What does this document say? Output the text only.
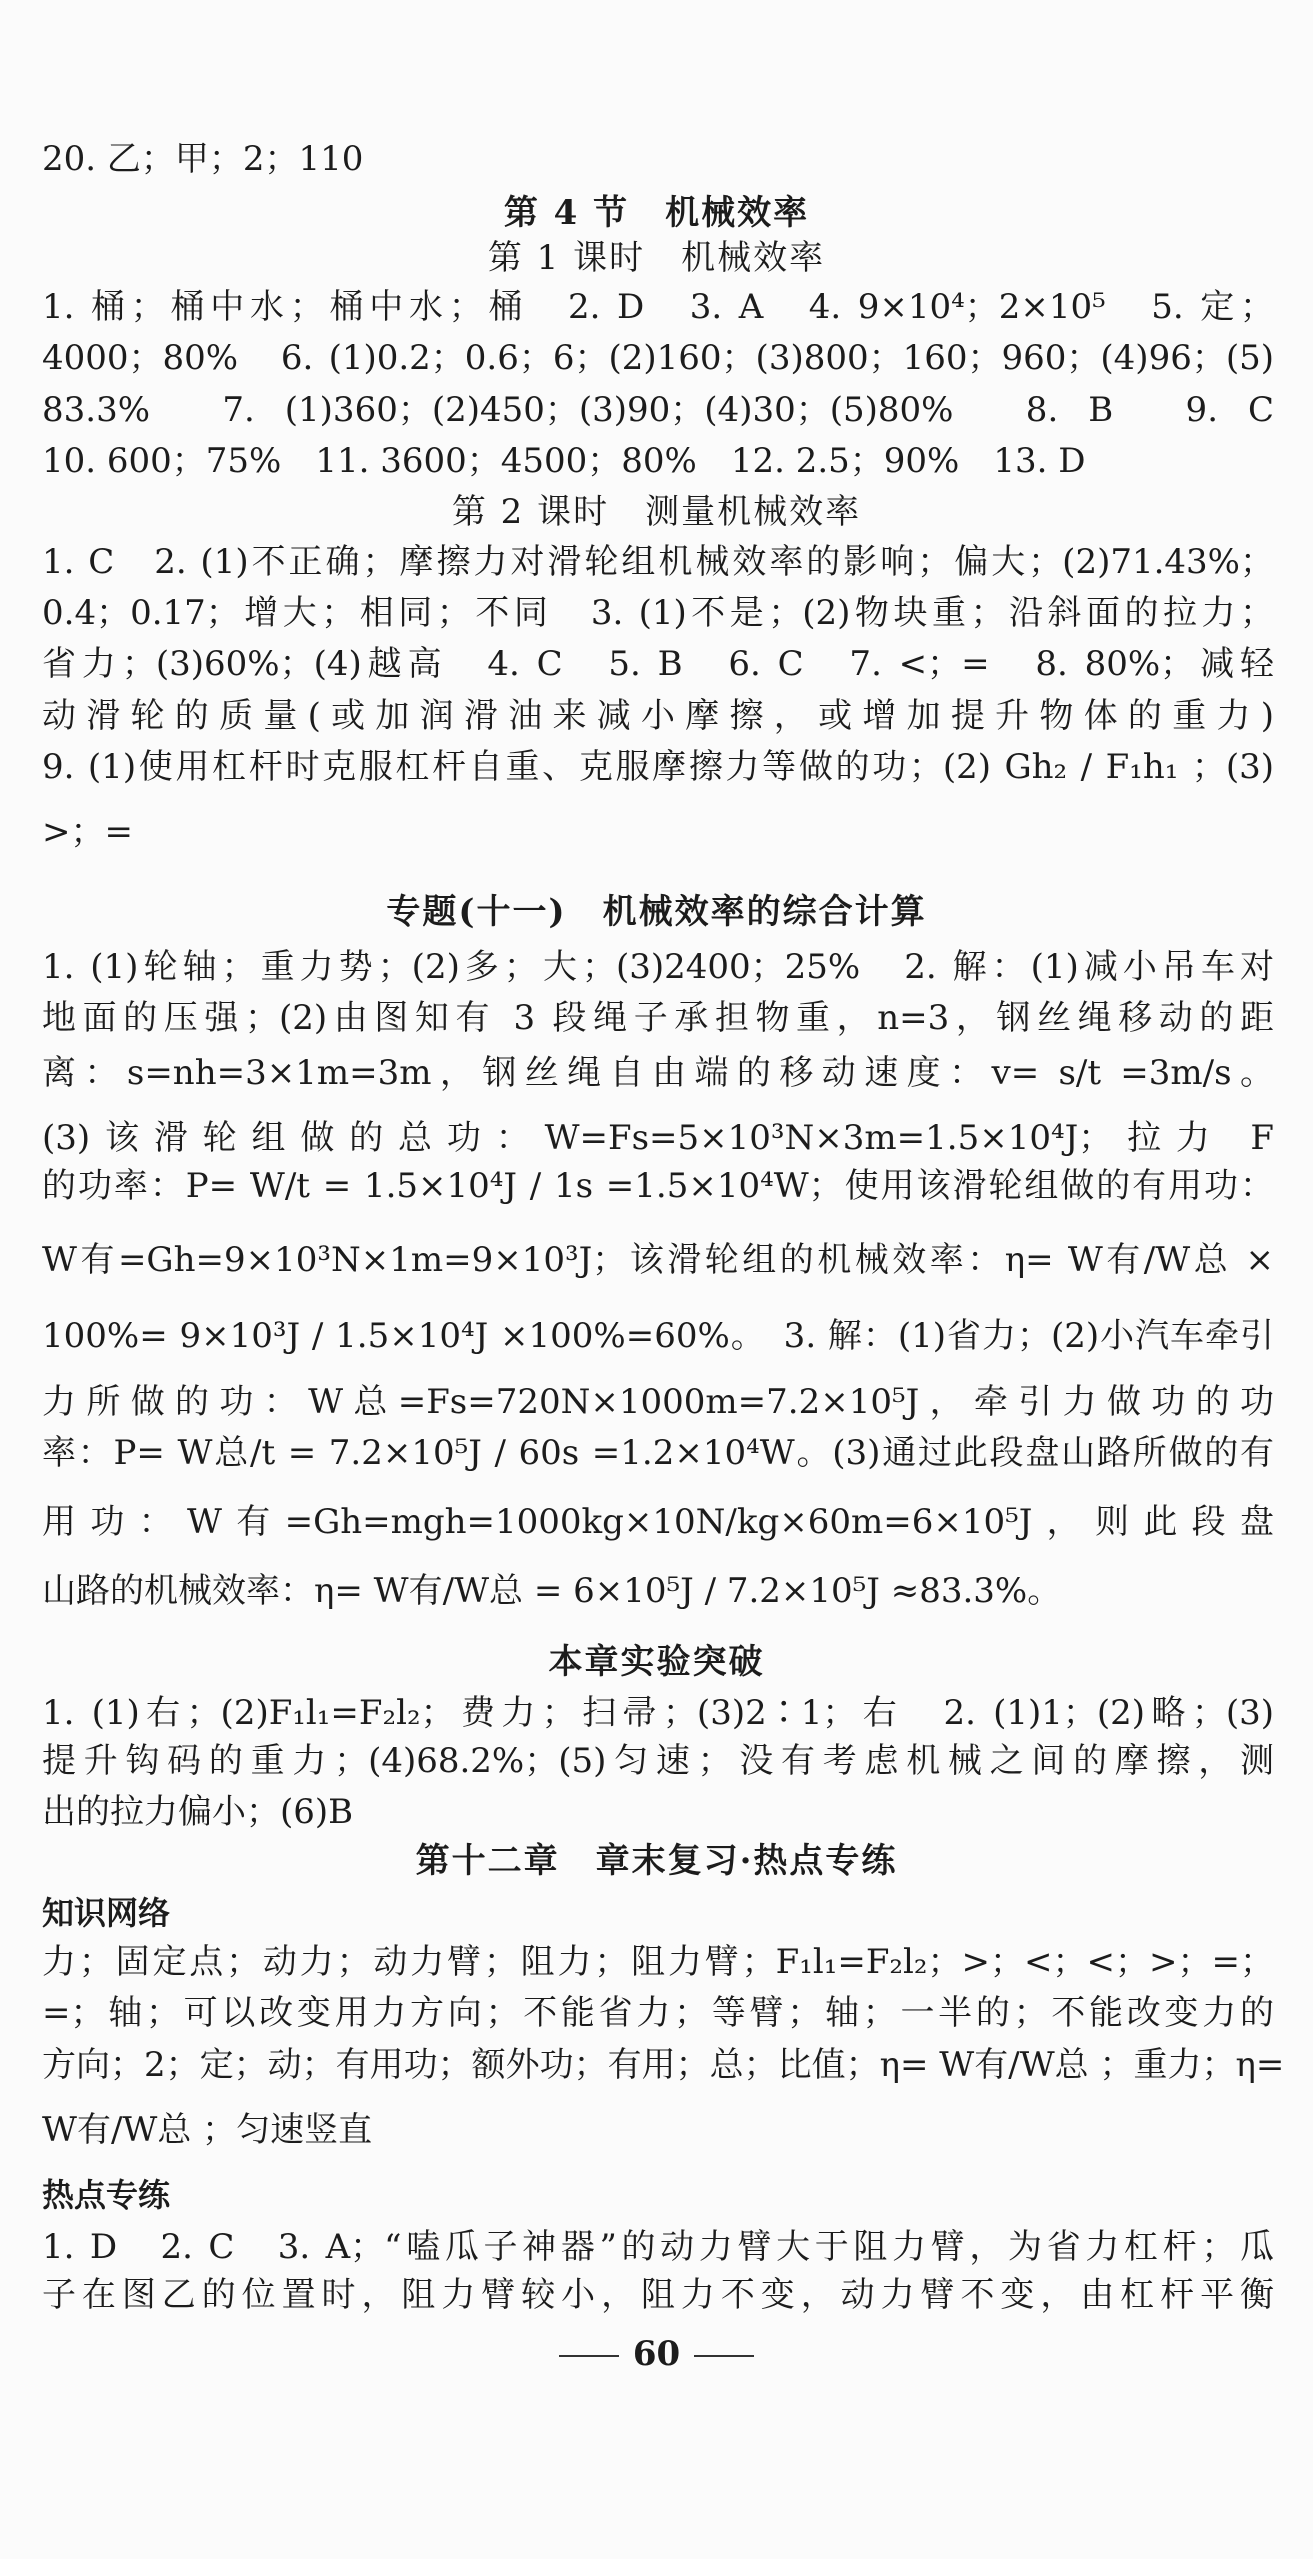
20. 乙；甲；2；110
第 4 节　机械效率
第 1 课时　机械效率
1. 桶；桶中水；桶中水；桶　2. D　3. A　4. 9×10⁴；2×10⁵　5. 定；
4000；80%　6. (1)0.2；0.6；6；(2)160；(3)800；160；960；(4)96；(5)
83.3%　7. (1)360；(2)450；(3)90；(4)30；(5)80%　8. B　9. C
10. 600；75%　11. 3600；4500；80%　12. 2.5；90%　13. D
第 2 课时　测量机械效率
1. C　2. (1)不正确；摩擦力对滑轮组机械效率的影响；偏大；(2)71.43%；
0.4；0.17；增大；相同；不同　3. (1)不是；(2)物块重；沿斜面的拉力；
省力；(3)60%；(4)越高　4. C　5. B　6. C　7. <；=　8. 80%；减轻
动滑轮的质量(或加润滑油来减小摩擦，或增加提升物体的重力)
9. (1)使用杠杆时克服杠杆自重、克服摩擦力等做的功；(2) Gh₂ / F₁h₁ ；(3)
>；=
专题(十一)　机械效率的综合计算
1. (1)轮轴；重力势；(2)多；大；(3)2400；25%　2. 解：(1)减小吊车对
地面的压强；(2)由图知有 3 段绳子承担物重，n=3，钢丝绳移动的距
离：s=nh=3×1m=3m，钢丝绳自由端的移动速度：v= s/t =3m/s。
(3)该滑轮组做的总功：W=Fs=5×10³N×3m=1.5×10⁴J；拉力 F
的功率：P= W/t = 1.5×10⁴J / 1s =1.5×10⁴W；使用该滑轮组做的有用功：
W有=Gh=9×10³N×1m=9×10³J；该滑轮组的机械效率：η= W有/W总 ×
100%= 9×10³J / 1.5×10⁴J ×100%=60%。　3. 解：(1)省力；(2)小汽车牵引
力所做的功：W总=Fs=720N×1000m=7.2×10⁵J，牵引力做功的功
率：P= W总/t = 7.2×10⁵J / 60s =1.2×10⁴W。(3)通过此段盘山路所做的有
用功：W有=Gh=mgh=1000kg×10N/kg×60m=6×10⁵J，则此段盘
山路的机械效率：η= W有/W总 = 6×10⁵J / 7.2×10⁵J ≈83.3%。
本章实验突破
1. (1)右；(2)F₁l₁=F₂l₂；费力；扫帚；(3)2∶1；右　2. (1)1；(2)略；(3)
提升钩码的重力；(4)68.2%；(5)匀速；没有考虑机械之间的摩擦，测
出的拉力偏小；(6)B
第十二章　章末复习·热点专练
知识网络
力；固定点；动力；动力臂；阻力；阻力臂；F₁l₁=F₂l₂；>；<；<；>；=；
=；轴；可以改变用力方向；不能省力；等臂；轴；一半的；不能改变力的
方向；2；定；动；有用功；额外功；有用；总；比值；η= W有/W总 ；重力；η=
W有/W总 ；匀速竖直
热点专练
1. D　2. C　3. A；“嗑瓜子神器”的动力臂大于阻力臂，为省力杠杆；瓜
子在图乙的位置时，阻力臂较小，阻力不变，动力臂不变，由杠杆平衡
60
